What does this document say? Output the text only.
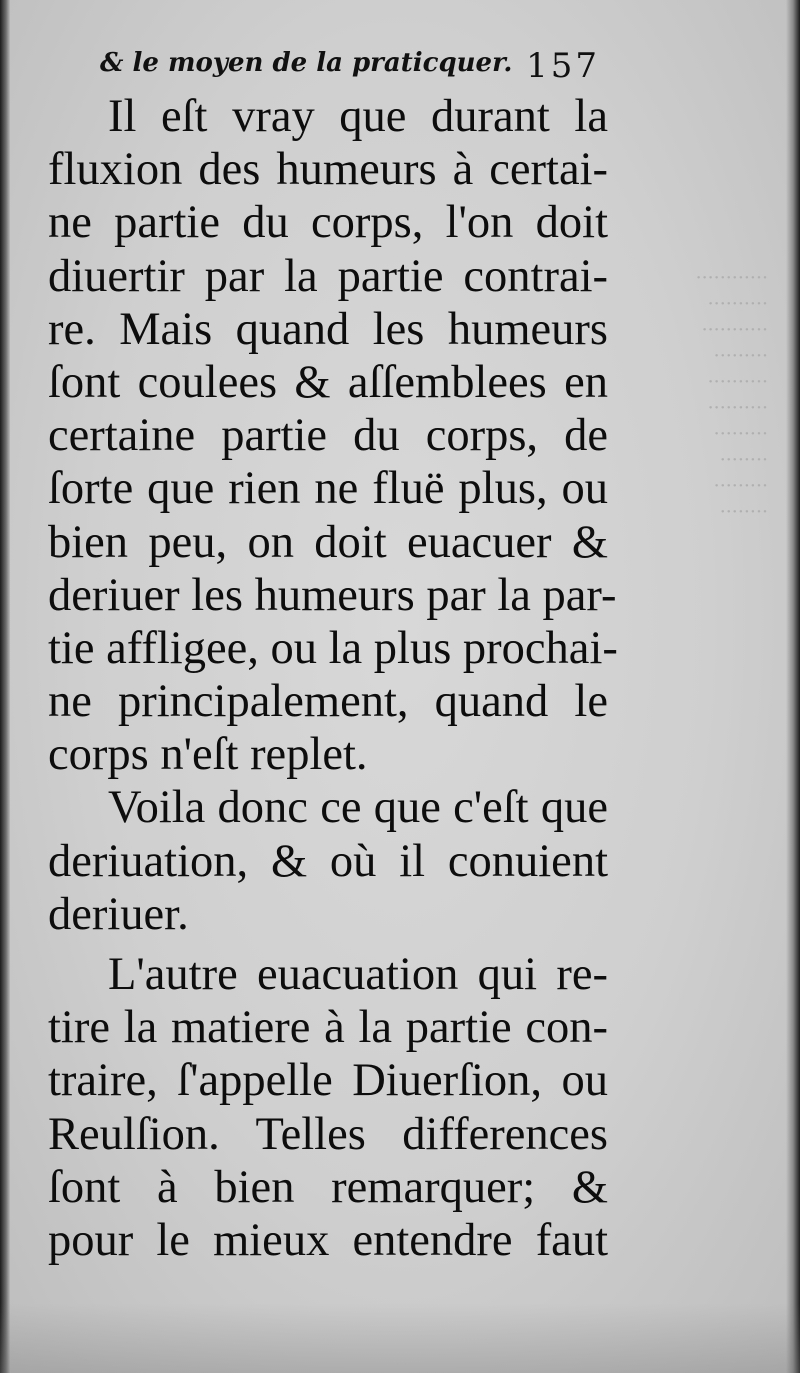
············
··········
···········
·········
··········
··········
·········
········
·········
········
& le moyen de la praticquer. 157
Il eſt vray que durant la
fluxion des humeurs à certai-
ne partie du corps, l'on doit
diuertir par la partie contrai-
re. Mais quand les humeurs
ſont coulees & aſſemblees en
certaine partie du corps, de
ſorte que rien ne fluë plus, ou
bien peu, on doit euacuer &
deriuer les humeurs par la par-
tie affligee, ou la plus prochai-
ne principalement, quand le
corps n'eſt replet.
Voila donc ce que c'eſt que
deriuation, & où il conuient
deriuer.
L'autre euacuation qui re-
tire la matiere à la partie con-
traire, ſ'appelle Diuerſion, ou
Reulſion. Telles differences
ſont à bien remarquer; &
pour le mieux entendre faut
